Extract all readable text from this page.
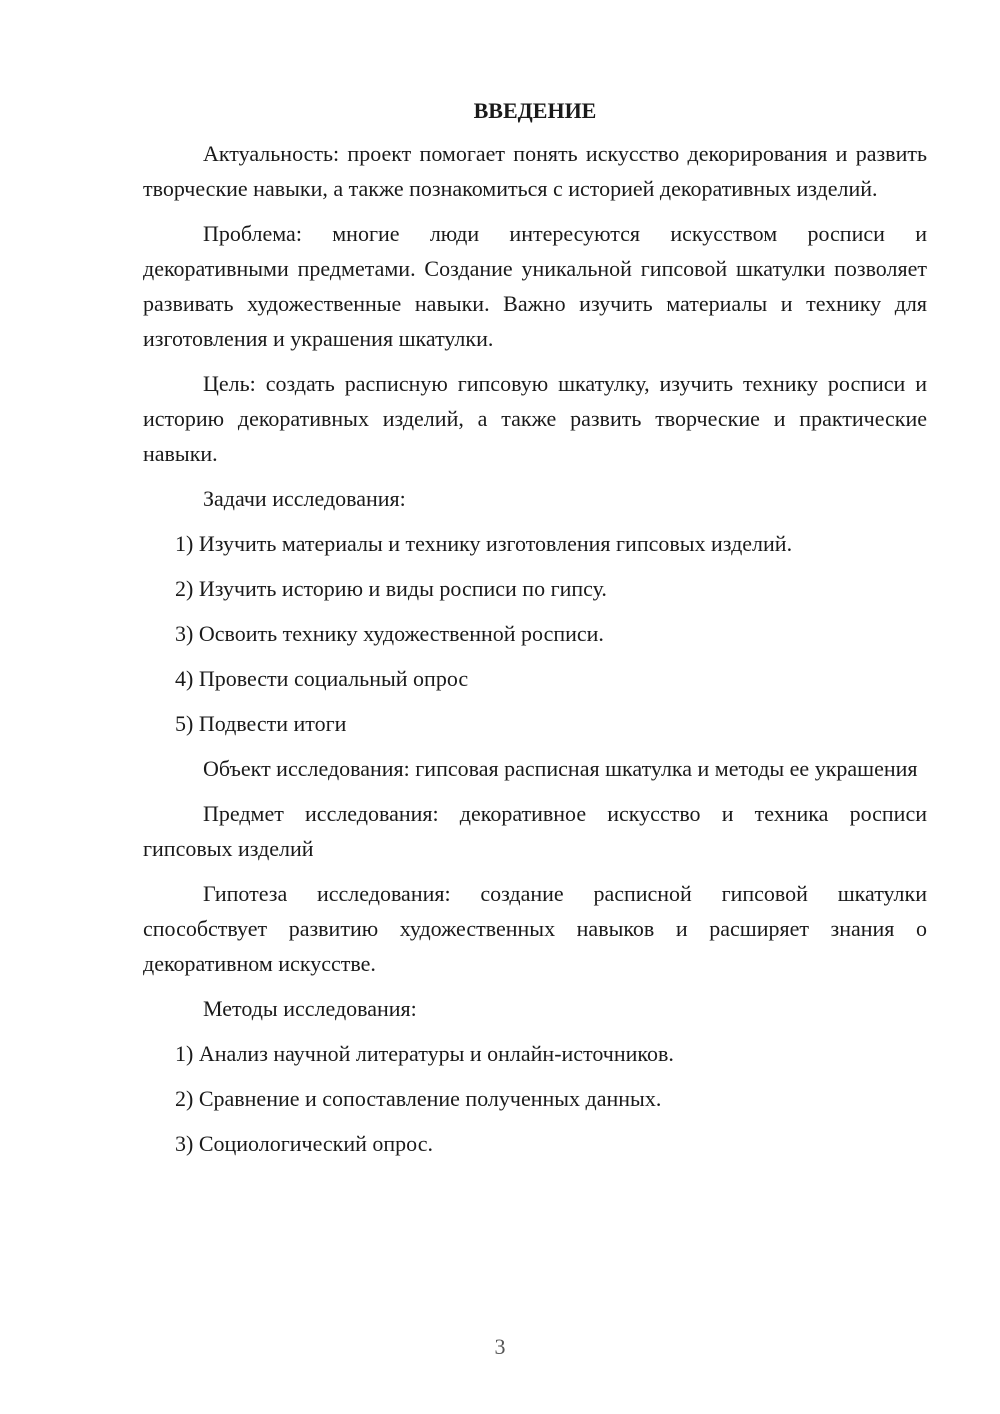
ВВЕДЕНИЕ

Актуальность: проект помогает понять искусство декорирования и развить творческие навыки, а также познакомиться с историей декоративных изделий.

Проблема: многие люди интересуются искусством росписи и декоративными предметами. Создание уникальной гипсовой шкатулки позволяет развивать художественные навыки. Важно изучить материалы и технику для изготовления и украшения шкатулки.

Цель: создать расписную гипсовую шкатулку, изучить технику росписи и историю декоративных изделий, а также развить творческие и практические навыки.

Задачи исследования:
1) Изучить материалы и технику изготовления гипсовых изделий.
2) Изучить историю и виды росписи по гипсу.
3) Освоить технику художественной росписи.
4) Провести социальный опрос
5) Подвести итоги

Объект исследования: гипсовая расписная шкатулка и методы ее украшения

Предмет исследования: декоративное искусство и техника росписи гипсовых изделий

Гипотеза исследования: создание расписной гипсовой шкатулки способствует развитию художественных навыков и расширяет знания о декоративном искусстве.

Методы исследования:
1) Анализ научной литературы и онлайн-источников.
2) Сравнение и сопоставление полученных данных.
3) Социологический опрос.
3
